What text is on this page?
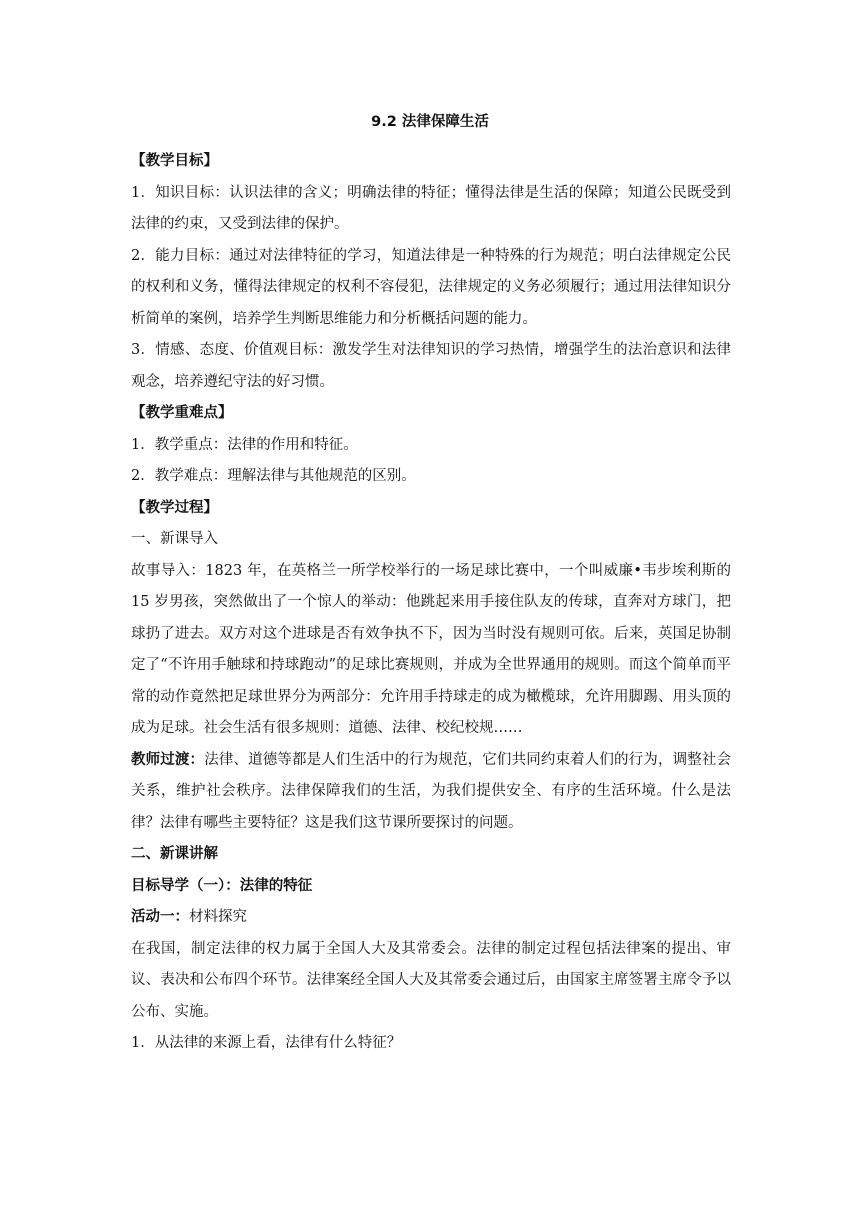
9.2 法律保障生活

【教学目标】

1．知识目标：认识法律的含义；明确法律的特征；懂得法律是生活的保障；知道公民既受到法律的约束，又受到法律的保护。

2．能力目标：通过对法律特征的学习，知道法律是一种特殊的行为规范；明白法律规定公民的权利和义务，懂得法律规定的权利不容侵犯，法律规定的义务必须履行；通过用法律知识分析简单的案例，培养学生判断思维能力和分析概括问题的能力。

3．情感、态度、价值观目标：激发学生对法律知识的学习热情，增强学生的法治意识和法律观念，培养遵纪守法的好习惯。

【教学重难点】

1．教学重点：法律的作用和特征。

2．教学难点：理解法律与其他规范的区别。

【教学过程】

一、新课导入

故事导入：1823 年，在英格兰一所学校举行的一场足球比赛中，一个叫威廉•韦步埃利斯的 15 岁男孩，突然做出了一个惊人的举动：他跳起来用手接住队友的传球，直奔对方球门，把球扔了进去。双方对这个进球是否有效争执不下，因为当时没有规则可依。后来，英国足协制定了“不许用手触球和持球跑动”的足球比赛规则，并成为全世界通用的规则。而这个简单而平常的动作竟然把足球世界分为两部分：允许用手持球走的成为橄榄球，允许用脚踢、用头顶的成为足球。社会生活有很多规则：道德、法律、校纪校规……

教师过渡：法律、道德等都是人们生活中的行为规范，它们共同约束着人们的行为，调整社会关系，维护社会秩序。法律保障我们的生活，为我们提供安全、有序的生活环境。什么是法律？法律有哪些主要特征？这是我们这节课所要探讨的问题。

二、新课讲解

目标导学（一）：法律的特征

活动一：材料探究

在我国，制定法律的权力属于全国人大及其常委会。法律的制定过程包括法律案的提出、审议、表决和公布四个环节。法律案经全国人大及其常委会通过后，由国家主席签署主席令予以公布、实施。

1．从法律的来源上看，法律有什么特征？
